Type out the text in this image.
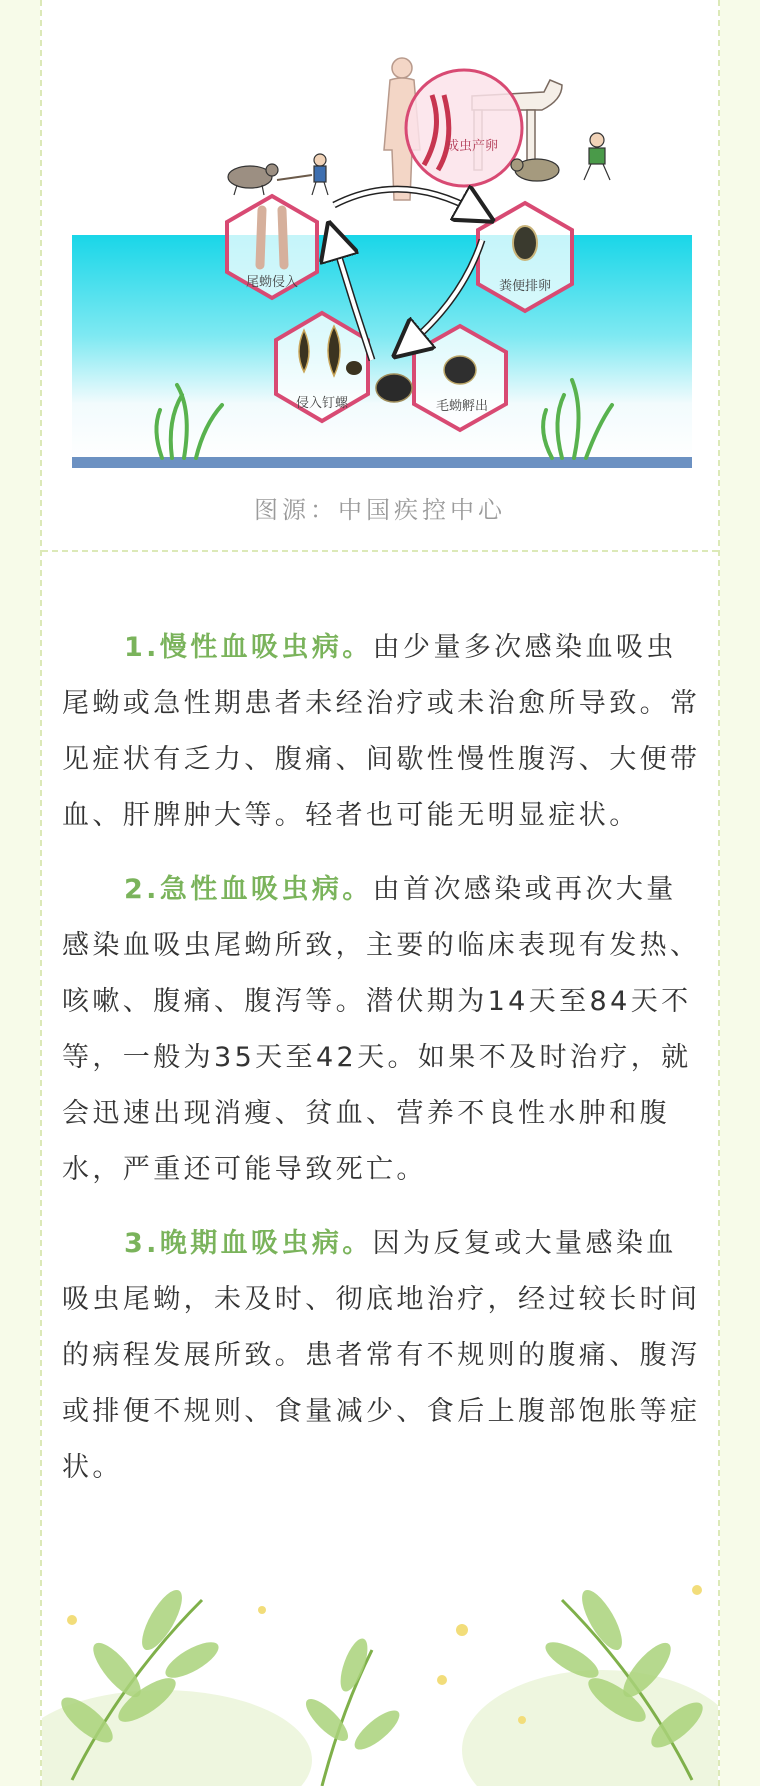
成虫产卵
尾蚴侵入	粪便排卵
侵入钉螺	毛蚴孵出
图源：中国疾控中心

1.慢性血吸虫病。由少量多次感染血吸虫尾蚴或急性期患者未经治疗或未治愈所导致。常见症状有乏力、腹痛、间歇性慢性腹泻、大便带血、肝脾肿大等。轻者也可能无明显症状。

2.急性血吸虫病。由首次感染或再次大量感染血吸虫尾蚴所致，主要的临床表现有发热、咳嗽、腹痛、腹泻等。潜伏期为14天至84天不等，一般为35天至42天。如果不及时治疗，就会迅速出现消瘦、贫血、营养不良性水肿和腹水，严重还可能导致死亡。

3.晚期血吸虫病。因为反复或大量感染血吸虫尾蚴，未及时、彻底地治疗，经过较长时间的病程发展所致。患者常有不规则的腹痛、腹泻或排便不规则、食量减少、食后上腹部饱胀等症状。
